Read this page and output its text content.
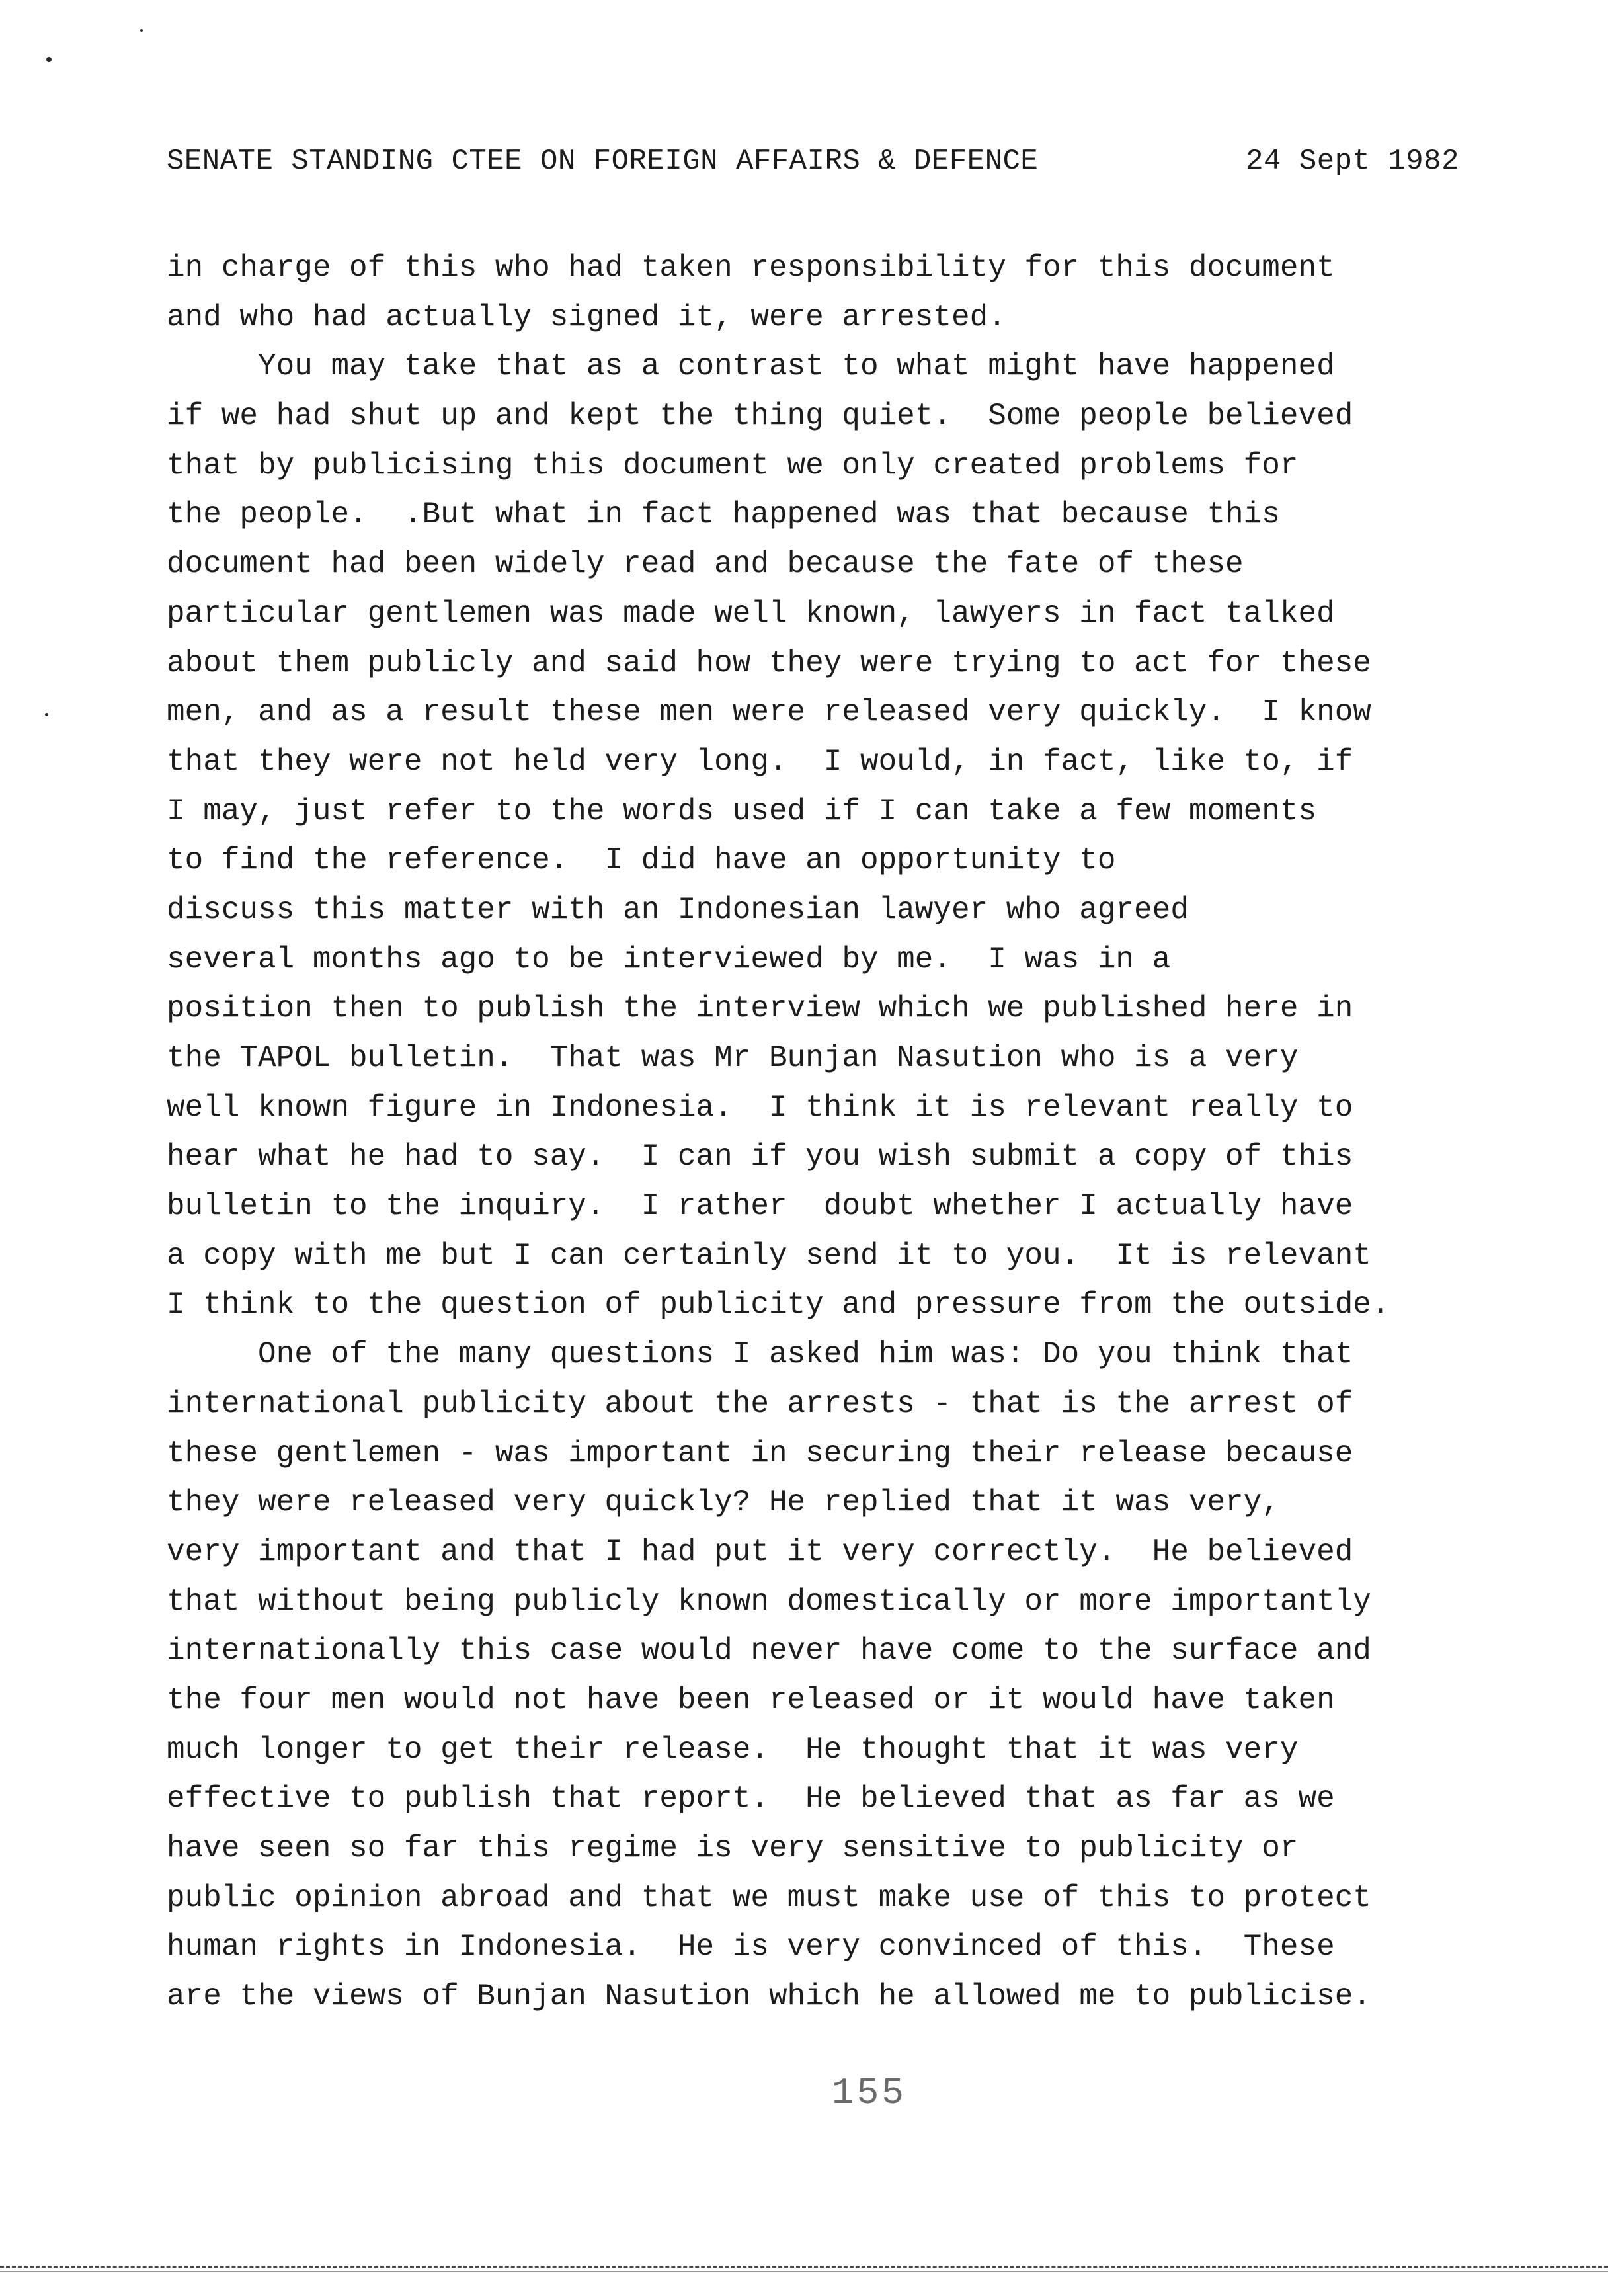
SENATE STANDING CTEE ON FOREIGN AFFAIRS & DEFENCE

	24 Sept 1982

in charge of this who had taken responsibility for this document
and who had actually signed it, were arrested.
You may take that as a contrast to what might have happened
if we had shut up and kept the thing quiet.  Some people believed
that by publicising this document we only created problems for
the people.  .But what in fact happened was that because this
document had been widely read and because the fate of these
particular gentlemen was made well known, lawyers in fact talked
about them publicly and said how they were trying to act for these
men, and as a result these men were released very quickly.  I know
that they were not held very long.  I would, in fact, like to, if
I may, just refer to the words used if I can take a few moments
to find the reference.  I did have an opportunity to
discuss this matter with an Indonesian lawyer who agreed
several months ago to be interviewed by me.  I was in a
position then to publish the interview which we published here in
the TAPOL bulletin.  That was Mr Bunjan Nasution who is a very
well known figure in Indonesia.  I think it is relevant really to
hear what he had to say.  I can if you wish submit a copy of this
bulletin to the inquiry.  I rather  doubt whether I actually have
a copy with me but I can certainly send it to you.  It is relevant
I think to the question of publicity and pressure from the outside.
One of the many questions I asked him was: Do you think that
international publicity about the arrests - that is the arrest of
these gentlemen - was important in securing their release because
they were released very quickly? He replied that it was very,
very important and that I had put it very correctly.  He believed
that without being publicly known domestically or more importantly
internationally this case would never have come to the surface and
the four men would not have been released or it would have taken
much longer to get their release.  He thought that it was very
effective to publish that report.  He believed that as far as we
have seen so far this regime is very sensitive to publicity or
public opinion abroad and that we must make use of this to protect
human rights in Indonesia.  He is very convinced of this.  These
are the views of Bunjan Nasution which he allowed me to publicise.
155
